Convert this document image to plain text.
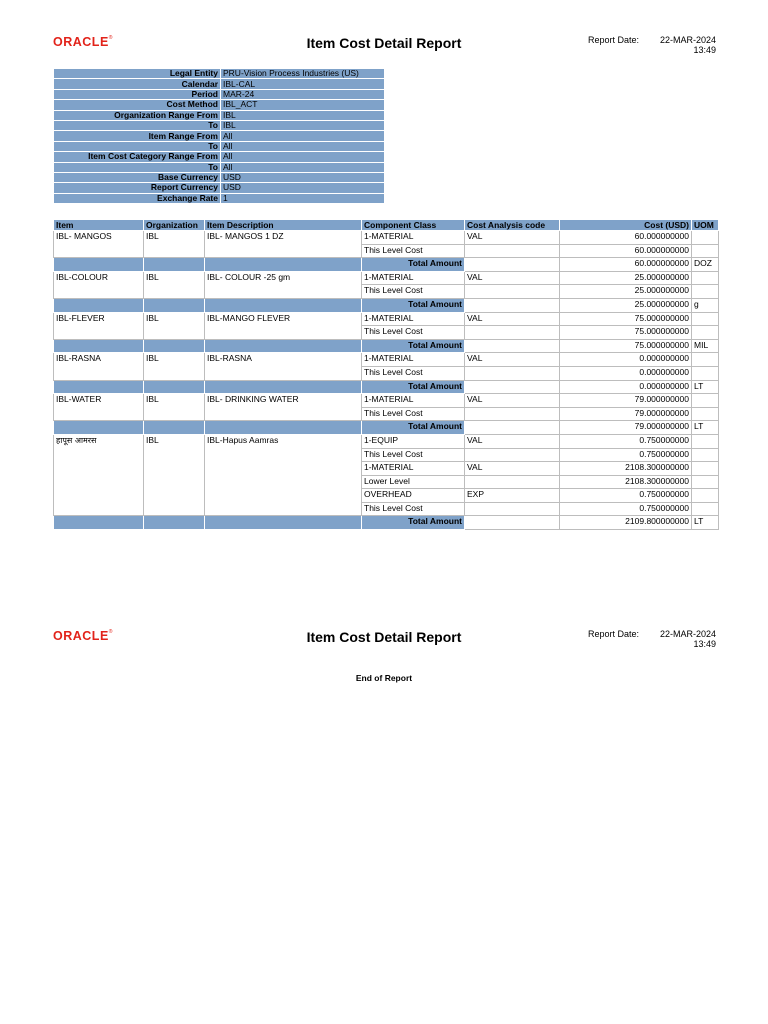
ORACLE®	Item Cost Detail Report	Report Date: 22-MAR-2024
13:49
Legal Entity	PRU-Vision Process Industries (US)
Calendar	IBL-CAL
Period	MAR-24
Cost Method	IBL_ACT
Organization Range From	IBL
To	IBL
Item Range From	All
To	All
Item Cost Category Range From	All
To	All
Base Currency	USD
Report Currency	USD
Exchange Rate	1
Item	Organization	Item Description	Component Class	Cost Analysis code	Cost (USD)	UOM
IBL- MANGOS	IBL	IBL- MANGOS 1 DZ	1-MATERIAL	VAL	60.000000000	
			This Level Cost		60.000000000	
			Total Amount		60.000000000	DOZ
IBL-COLOUR	IBL	IBL- COLOUR -25 gm	1-MATERIAL	VAL	25.000000000	
			This Level Cost		25.000000000	
			Total Amount		25.000000000	g
IBL-FLEVER	IBL	IBL-MANGO FLEVER	1-MATERIAL	VAL	75.000000000	
			This Level Cost		75.000000000	
			Total Amount		75.000000000	MIL
IBL-RASNA	IBL	IBL-RASNA	1-MATERIAL	VAL	0.000000000	
			This Level Cost		0.000000000	
			Total Amount		0.000000000	LT
IBL-WATER	IBL	IBL- DRINKING WATER	1-MATERIAL	VAL	79.000000000	
			This Level Cost		79.000000000	
			Total Amount		79.000000000	LT
हापूस आमरस	IBL	IBL-Hapus Aamras	1-EQUIP	VAL	0.750000000	
			This Level Cost		0.750000000	
			1-MATERIAL	VAL	2108.300000000	
			Lower Level		2108.300000000	
			OVERHEAD	EXP	0.750000000	
			This Level Cost		0.750000000	
			Total Amount		2109.800000000	LT
ORACLE®	Item Cost Detail Report	Report Date: 22-MAR-2024
13:49
End of Report
